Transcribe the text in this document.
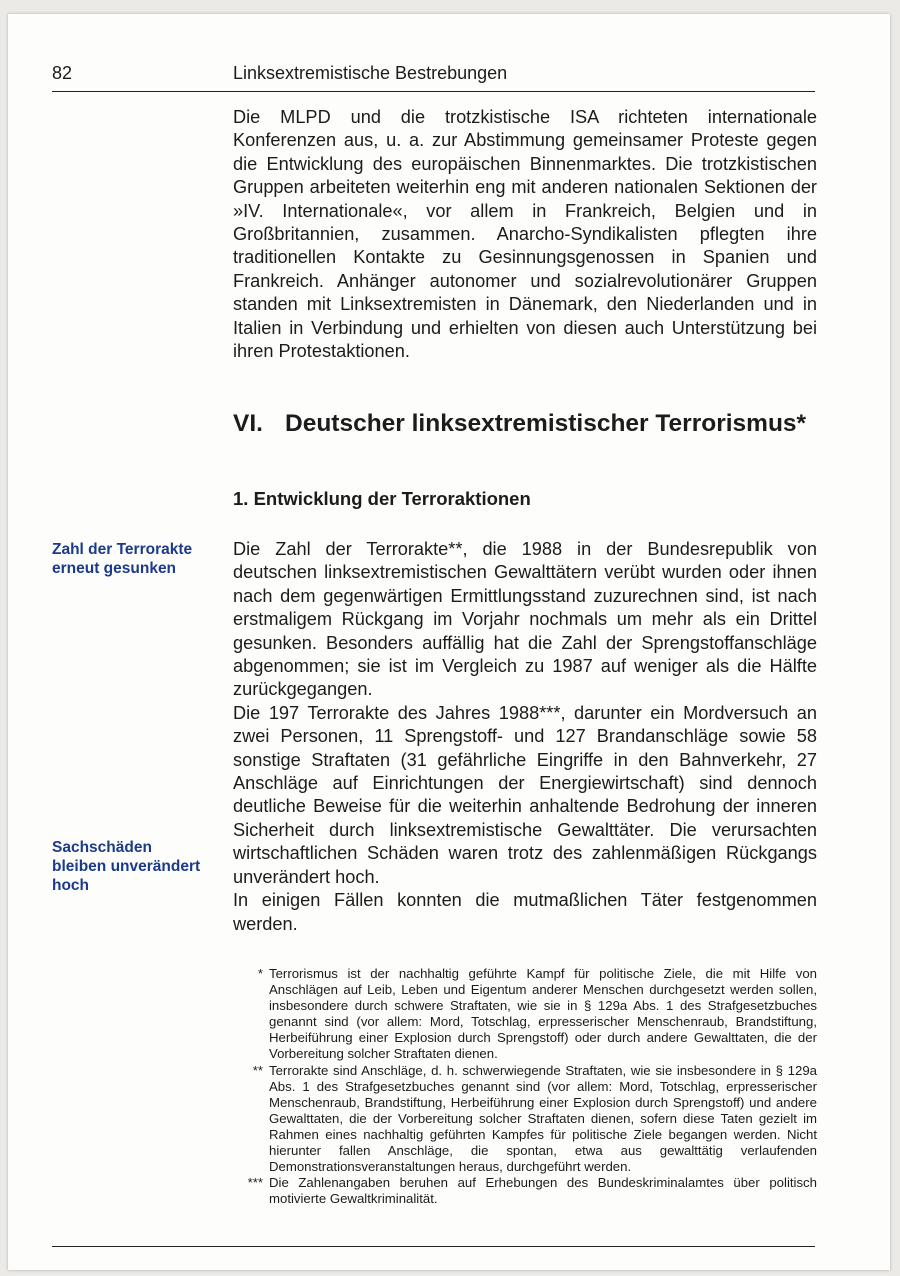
82	Linksextremistische Bestrebungen

Die MLPD und die trotzkistische ISA richteten internationale Konferenzen aus, u. a. zur Abstimmung gemeinsamer Proteste gegen die Entwicklung des europäischen Binnenmarktes. Die trotzkistischen Gruppen arbeiteten weiterhin eng mit anderen nationalen Sektionen der »IV. Internationale«, vor allem in Frankreich, Belgien und in Großbritannien, zusammen. Anarcho-Syndikalisten pflegten ihre traditionellen Kontakte zu Gesinnungsgenossen in Spanien und Frankreich. Anhänger autonomer und sozialrevolutionärer Gruppen standen mit Linksextremisten in Dänemark, den Niederlanden und in Italien in Verbindung und erhielten von diesen auch Unterstützung bei ihren Protestaktionen.

VI. Deutscher linksextremistischer Terrorismus*
1. Entwicklung der Terroraktionen
Zahl der Terrorakte erneut gesunken
Sachschäden bleiben unverändert hoch

Die Zahl der Terrorakte**, die 1988 in der Bundesrepublik von deutschen linksextremistischen Gewalttätern verübt wurden oder ihnen nach dem gegenwärtigen Ermittlungsstand zuzurechnen sind, ist nach erstmaligem Rückgang im Vorjahr nochmals um mehr als ein Drittel gesunken. Besonders auffällig hat die Zahl der Sprengstoffanschläge abgenommen; sie ist im Vergleich zu 1987 auf weniger als die Hälfte zurückgegangen.

Die 197 Terrorakte des Jahres 1988***, darunter ein Mordversuch an zwei Personen, 11 Sprengstoff- und 127 Brandanschläge sowie 58 sonstige Straftaten (31 gefährliche Eingriffe in den Bahnverkehr, 27 Anschläge auf Einrichtungen der Energiewirtschaft) sind dennoch deutliche Beweise für die weiterhin anhaltende Bedrohung der inneren Sicherheit durch linksextremistische Gewalttäter. Die verursachten wirtschaftlichen Schäden waren trotz des zahlenmäßigen Rückgangs unverändert hoch.

In einigen Fällen konnten die mutmaßlichen Täter festgenommen werden.

* Terrorismus ist der nachhaltig geführte Kampf für politische Ziele, die mit Hilfe von Anschlägen auf Leib, Leben und Eigentum anderer Menschen durchgesetzt werden sollen, insbesondere durch schwere Straftaten, wie sie in § 129a Abs. 1 des Strafgesetzbuches genannt sind (vor allem: Mord, Totschlag, erpresserischer Menschenraub, Brandstiftung, Herbeiführung einer Explosion durch Sprengstoff) oder durch andere Gewalttaten, die der Vorbereitung solcher Straftaten dienen.

** Terrorakte sind Anschläge, d. h. schwerwiegende Straftaten, wie sie insbesondere in § 129a Abs. 1 des Strafgesetzbuches genannt sind (vor allem: Mord, Totschlag, erpresserischer Menschenraub, Brandstiftung, Herbeiführung einer Explosion durch Sprengstoff) und andere Gewalttaten, die der Vorbereitung solcher Straftaten dienen, sofern diese Taten gezielt im Rahmen eines nachhaltig geführten Kampfes für politische Ziele begangen werden. Nicht hierunter fallen Anschläge, die spontan, etwa aus gewalttätig verlaufenden Demonstrationsveranstaltungen heraus, durchgeführt werden.

*** Die Zahlenangaben beruhen auf Erhebungen des Bundeskriminalamtes über politisch motivierte Gewaltkriminalität.
